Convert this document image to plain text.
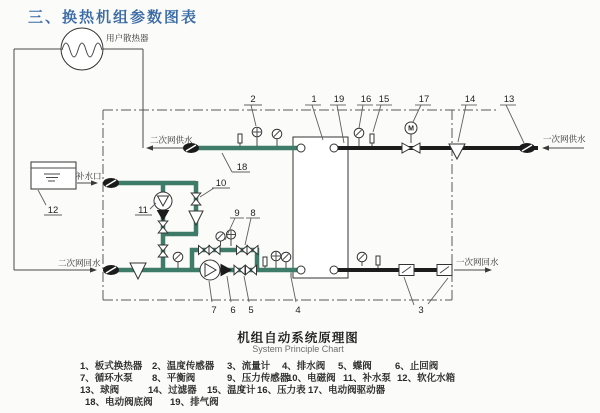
三、换热机组参数图表
用户散热器
补水口
M
一次网供水
一次网回水
二次网供水
二次网回水
2	1 19 16 15	17	14	13
18
10
11
12	9 8
7 6 5	4	3
机组自动系统原理图
System Principle Chart
1、板式换热器 2、温度传感器 3、流量计 4、排水阀 5、蝶阀 6、止回阀
7、循环水泵 8、平衡阀	9、压力传感器
10、电磁阀 11、补水泵 12、软化水箱
13、球阀	14、过滤器 15、温度计 16、压力表 17、电动阀驱动器
18、电动阀底阀 19、排气阀
